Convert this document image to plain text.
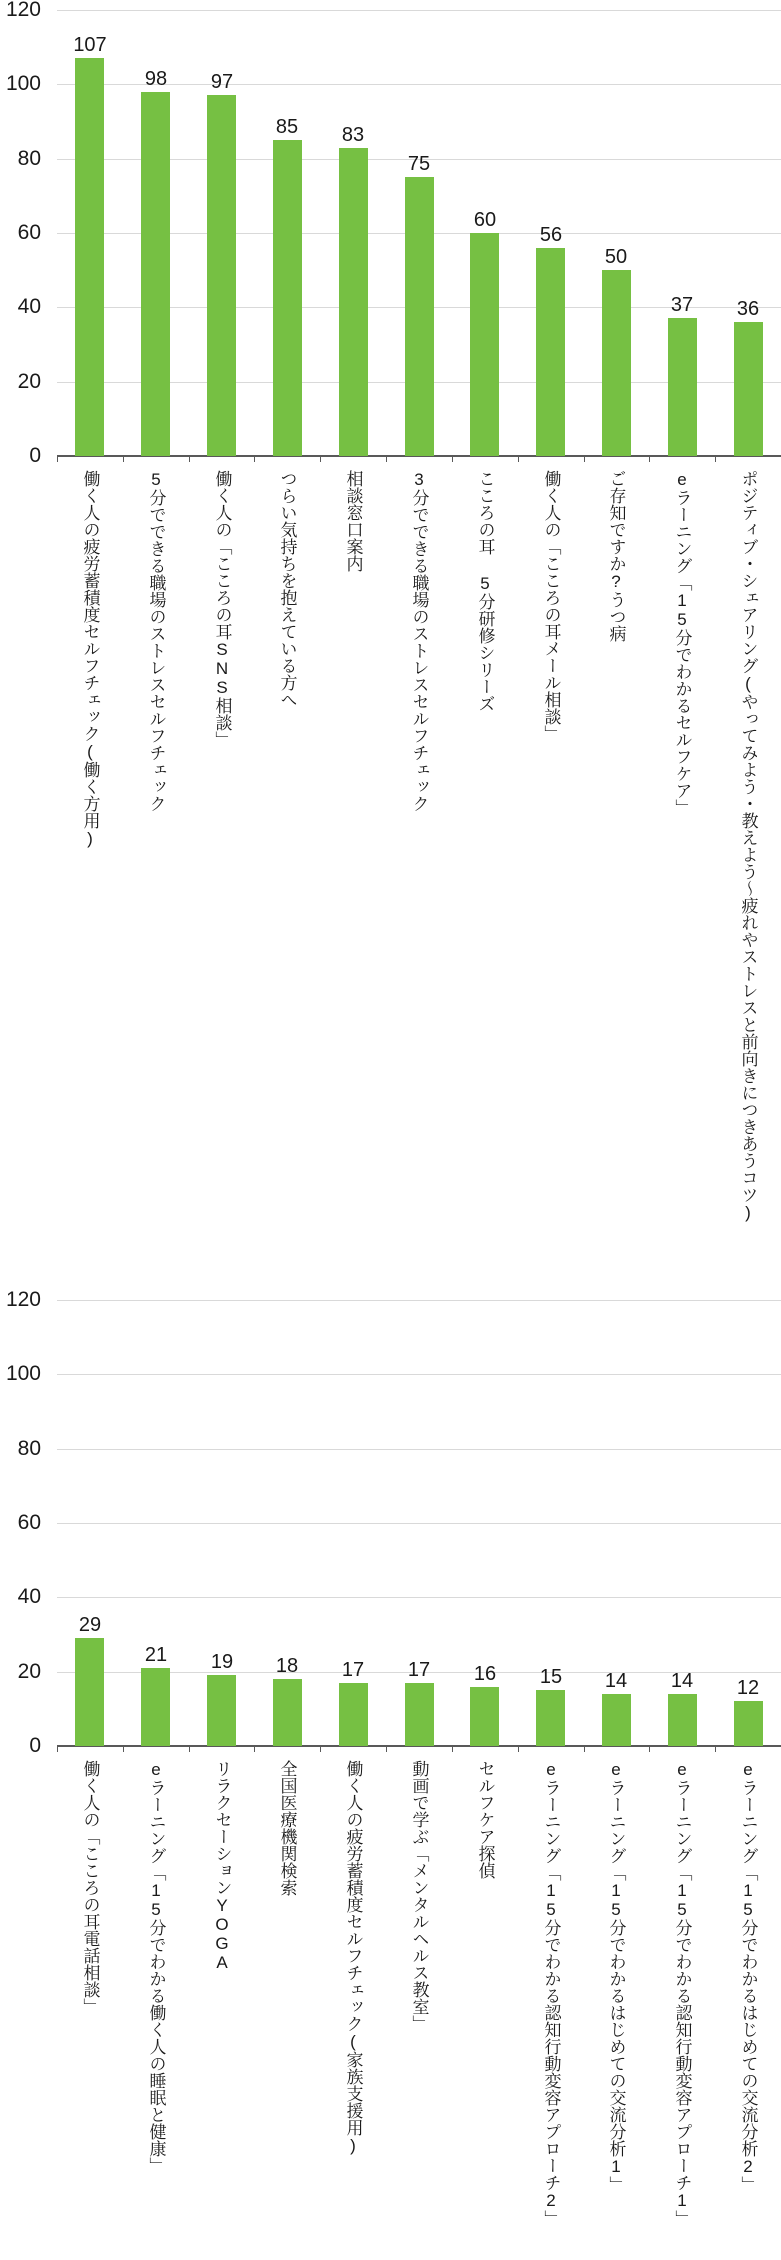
120
100
80
60
40
20
0
107
働く人の疲労蓄積度セルフチェック(働く方用)
98
5分でできる職場のストレスセルフチェック
97
働く人の「こころの耳SNS相談」
85
つらい気持ちを抱えている方へ
83
相談窓口案内
75
3分でできる職場のストレスセルフチェック
60
こころの耳 5分研修シリーズ
56
働く人の「こころの耳メール相談」
50
ご存知ですか?うつ病
37
eラーニング「15分でわかるセルフケア」
36
ポジティブ・シェアリング(やってみよう・教えよう〜疲れやストレスと前向きにつきあうコツ)
120
100
80
60
40
20
0
29
働く人の「こころの耳電話相談」
21
eラーニング「15分でわかる働く人の睡眠と健康」
19
リラクセーションYOGA
18
全国医療機関検索
17
働く人の疲労蓄積度セルフチェック(家族支援用)
17
動画で学ぶ「メンタルヘルス教室」
16
セルフケア探偵
15
eラーニング「15分でわかる認知行動変容アプローチ2」
14
eラーニング「15分でわかるはじめての交流分析1」
14
eラーニング「15分でわかる認知行動変容アプローチ1」
12
eラーニング「15分でわかるはじめての交流分析2」
